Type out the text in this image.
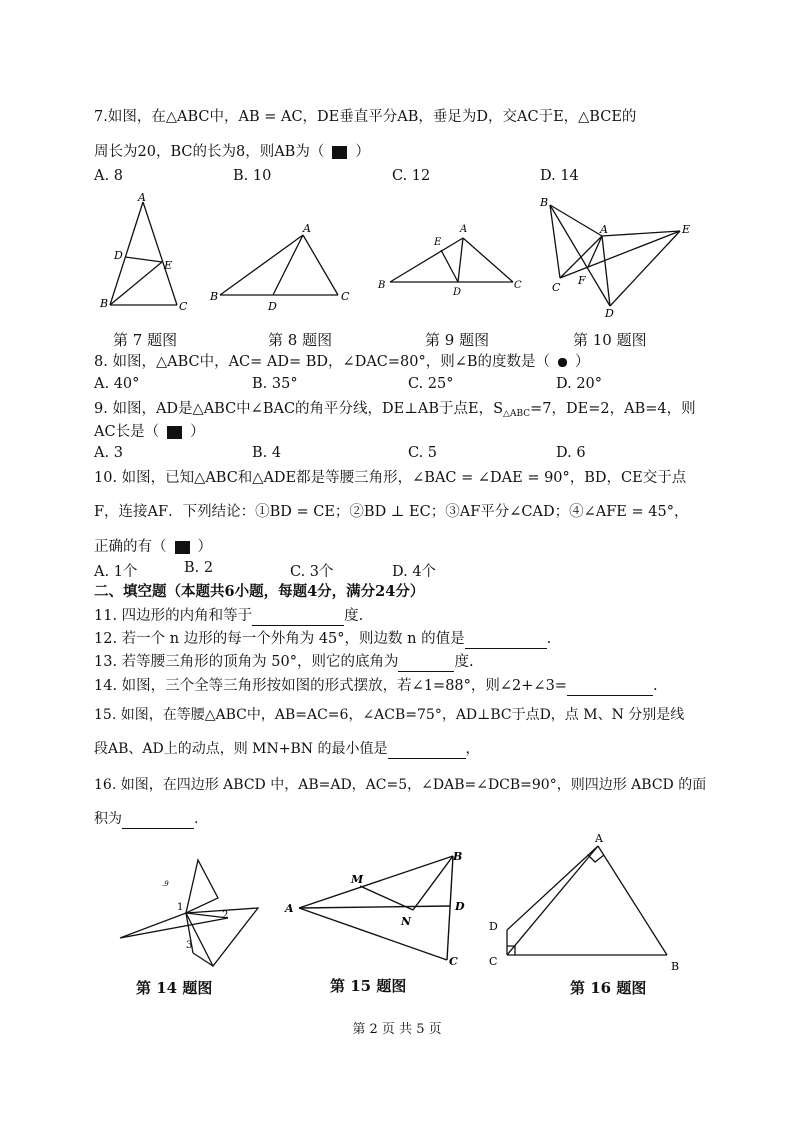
7.如图，在△ABC中，AB = AC，DE垂直平分AB，垂足为D，交AC于E，△BCE的
周长为20，BC的长为8，则AB为（ ）
A. 8	B. 10	C. 12	D. 14
A
D
E
B	C
A
B
D
C
E
A
B
D
C
B
A	E
C
F
D
第 7 题图	第 8 题图	第 9 题图	第 10 题图
8. 如图，△ABC中，AC= AD= BD，∠DAC=80°，则∠B的度数是（ ）
A. 40°	B. 35°	C. 25°	D. 20°
9. 如图，AD是△ABC中∠BAC的角平分线，DE⊥AB于点E，$S_{\triangle ABC}=7$，DE=2，AB=4，则
AC长是（ ）
A. 3	B. 4	C. 5	D. 6
10. 如图，已知△ABC和△ADE都是等腰三角形，∠BAC = ∠DAE = 90°，BD，CE交于点
F，连接AF．下列结论：①BD = CE；②BD ⊥ EC；③AF平分∠CAD；④∠AFE = 45°，
正确的有（ ）
A. 1个	B. 2	C. 3个	D. 4个
二、填空题（本题共6小题，每题4分，满分24分）
11. 四边形的内角和等于	度.
12. 若一个 n 边形的每一个外角为 45°，则边数 n 的值是	.
13. 若等腰三角形的顶角为 50°，则它的底角为	度.
14. 如图，三个全等三角形按如图的形式摆放，若∠1=88°，则∠2+∠3=	.
15. 如图，在等腰△ABC中，AB=AC=6，∠ACB=75°，AD⊥BC于点D，点 M、N 分别是线
段AB、AD上的动点，则 MN+BN 的最小值是	，
16. 如图，在四边形 ABCD 中，AB=AD，AC=5，∠DAB=∠DCB=90°，则四边形 ABCD 的面
积为	.
.9
1
2
3
M
B
A
N
D
C
A
D
C	B
第 14 题图	第 15 题图	第 16 题图
第 2 页 共 5 页
